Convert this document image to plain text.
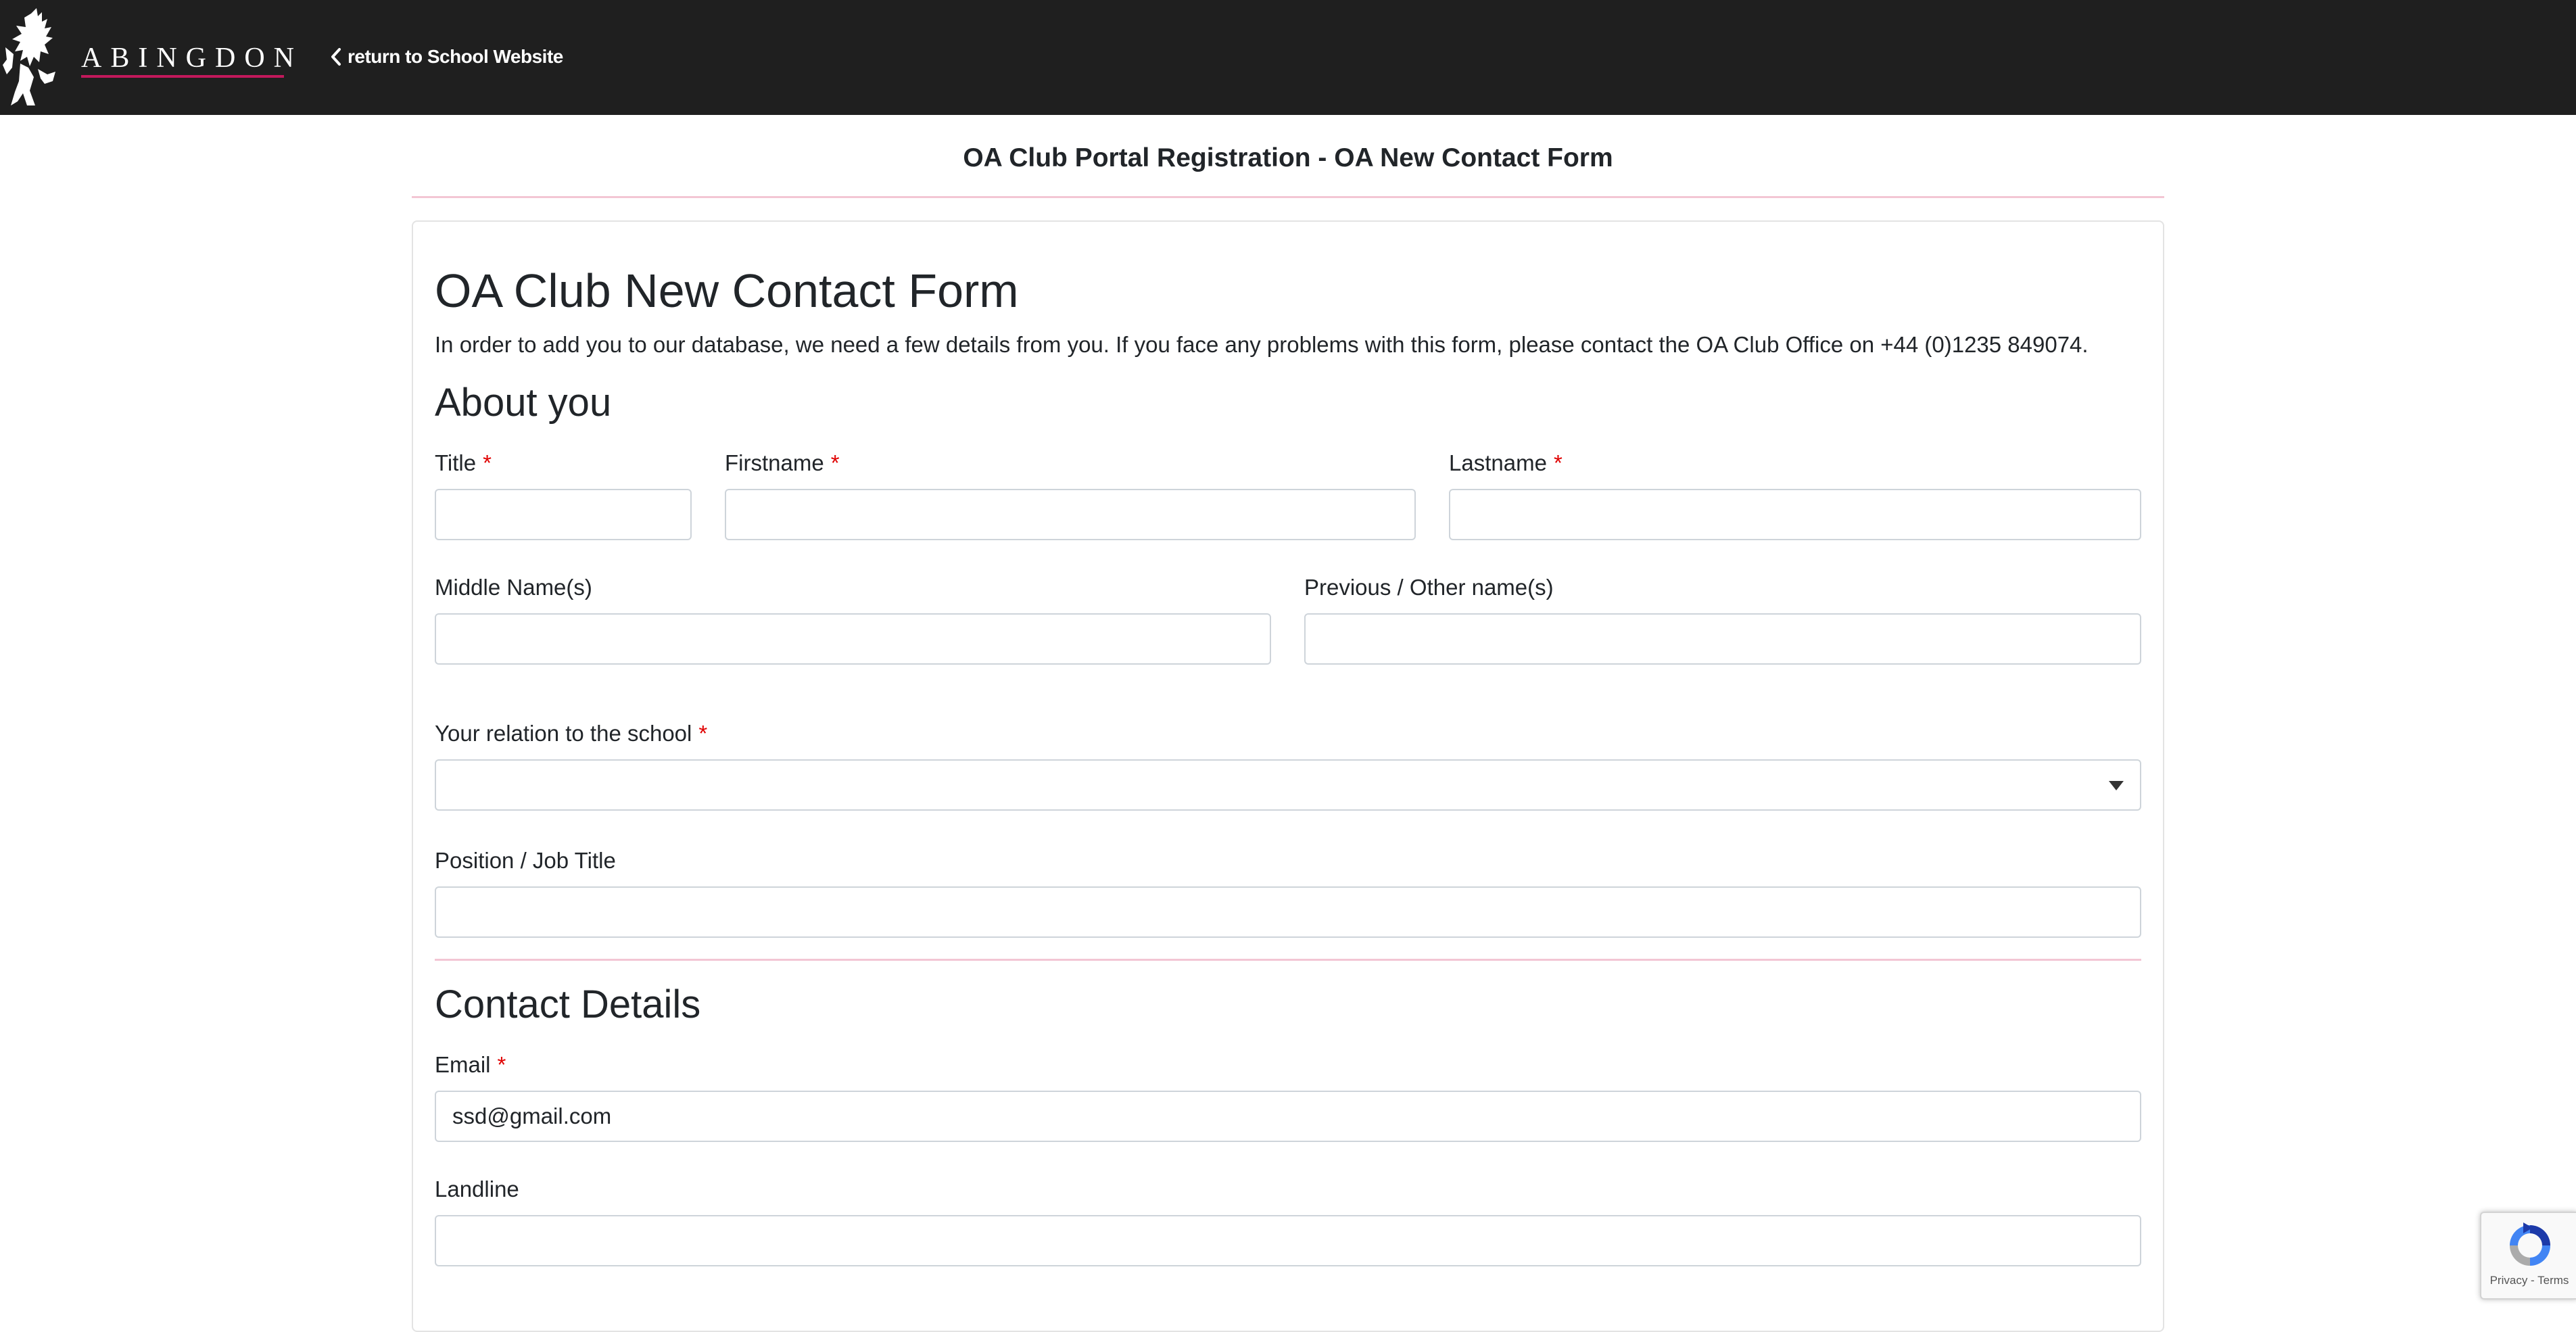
ABINGDON return to School Website
OA Club Portal Registration - OA New Contact Form
OA Club New Contact Form
In order to add you to our database, we need a few details from you. If you face any problems with this form, please contact the OA Club Office on +44 (0)1235 849074.
About you
Title *	Firstname *	Lastname *
Middle Name(s)	Previous / Other name(s)
Your relation to the school *
Position / Job Title
Contact Details
Email *
ssd@gmail.com
Landline
Privacy - Terms
